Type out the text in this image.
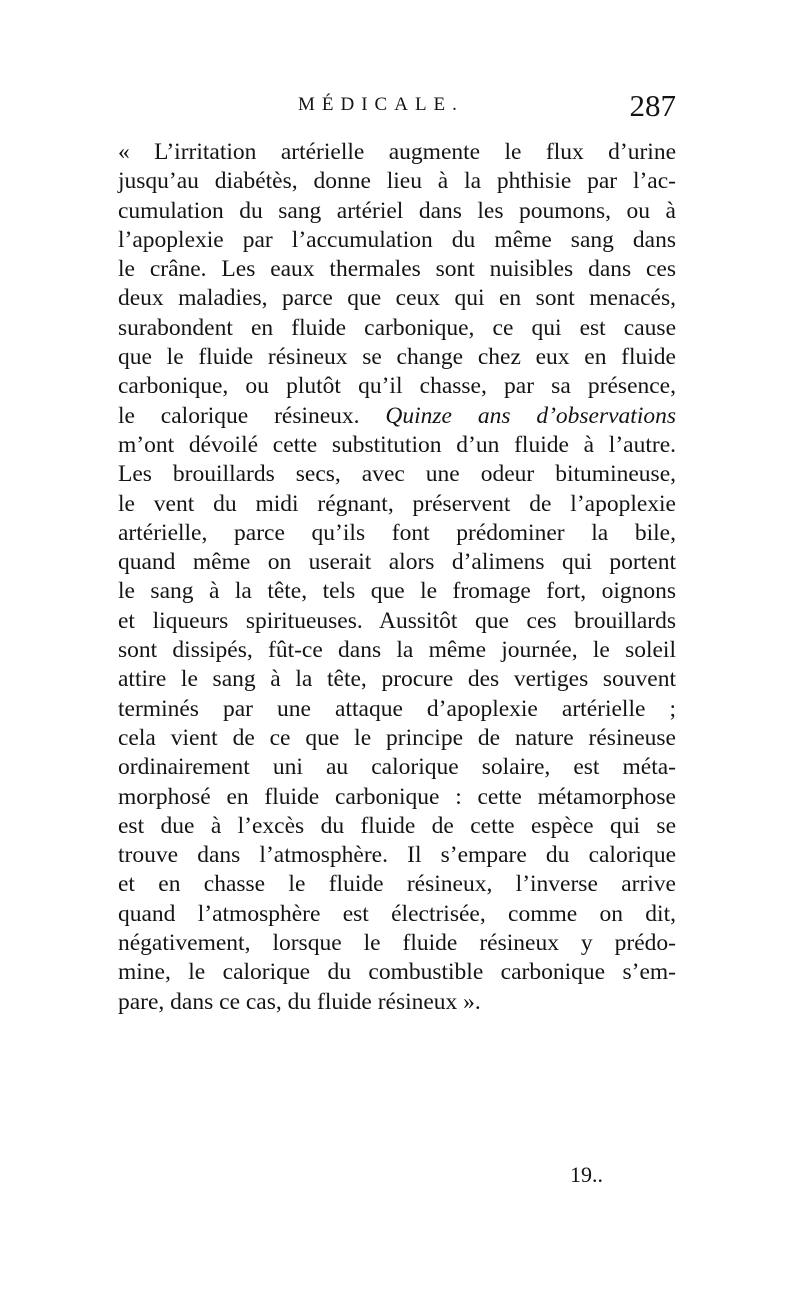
MÉDICALE.	287
« L’irritation artérielle augmente le flux d’urine
jusqu’au diabétès, donne lieu à la phthisie par l’ac-
cumulation du sang artériel dans les poumons, ou à
l’apoplexie par l’accumulation du même sang dans
le crâne. Les eaux thermales sont nuisibles dans ces
deux maladies, parce que ceux qui en sont menacés,
surabondent en fluide carbonique, ce qui est cause
que le fluide résineux se change chez eux en fluide
carbonique, ou plutôt qu’il chasse, par sa présence,
le calorique résineux. Quinze ans d’observations
m’ont dévoilé cette substitution d’un fluide à l’autre.
Les brouillards secs, avec une odeur bitumineuse,
le vent du midi régnant, préservent de l’apoplexie
artérielle, parce qu’ils font prédominer la bile,
quand même on userait alors d’alimens qui portent
le sang à la tête, tels que le fromage fort, oignons
et liqueurs spiritueuses. Aussitôt que ces brouillards
sont dissipés, fût-ce dans la même journée, le soleil
attire le sang à la tête, procure des vertiges souvent
terminés par une attaque d’apoplexie artérielle ;
cela vient de ce que le principe de nature résineuse
ordinairement uni au calorique solaire, est méta-
morphosé en fluide carbonique : cette métamorphose
est due à l’excès du fluide de cette espèce qui se
trouve dans l’atmosphère. Il s’empare du calorique
et en chasse le fluide résineux, l’inverse arrive
quand l’atmosphère est électrisée, comme on dit,
négativement, lorsque le fluide résineux y prédo-
mine, le calorique du combustible carbonique s’em-
pare, dans ce cas, du fluide résineux ».
19..
